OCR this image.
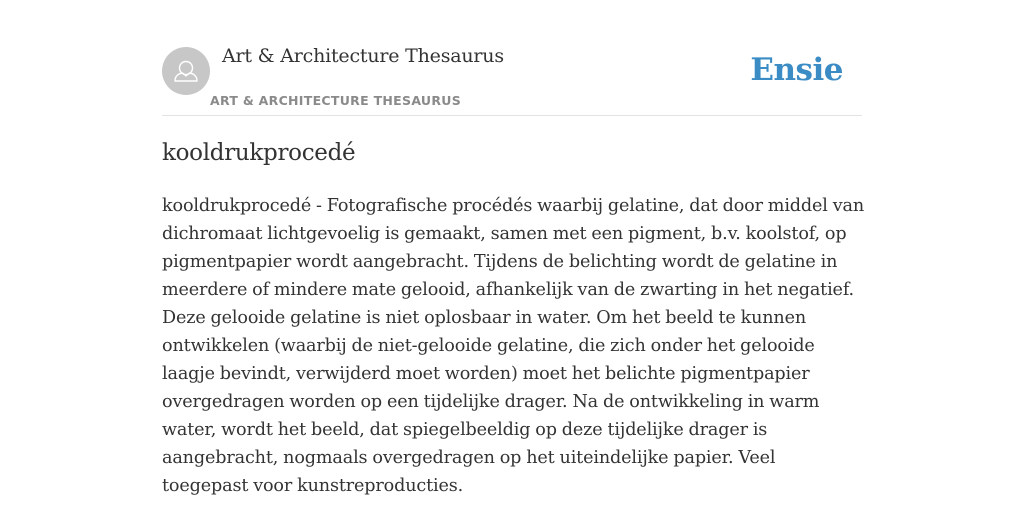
Art & Architecture Thesaurus
ART & ARCHITECTURE THESAURUS
Ensie
kooldrukprocedé

kooldrukprocedé - Fotografische procédés waarbij gelatine, dat door middel van dichromaat lichtgevoelig is gemaakt, samen met een pigment, b.v. koolstof, op pigmentpapier wordt aangebracht. Tijdens de belichting wordt de gelatine in meerdere of mindere mate gelooid, afhankelijk van de zwarting in het negatief. Deze gelooide gelatine is niet oplosbaar in water. Om het beeld te kunnen ontwikkelen (waarbij de niet-gelooide gelatine, die zich onder het gelooide laagje bevindt, verwijderd moet worden) moet het belichte pigmentpapier overgedragen worden op een tijdelijke drager. Na de ontwikkeling in warm water, wordt het beeld, dat spiegelbeeldig op deze tijdelijke drager is aangebracht, nogmaals overgedragen op het uiteindelijke papier. Veel toegepast voor kunstreproducties.
